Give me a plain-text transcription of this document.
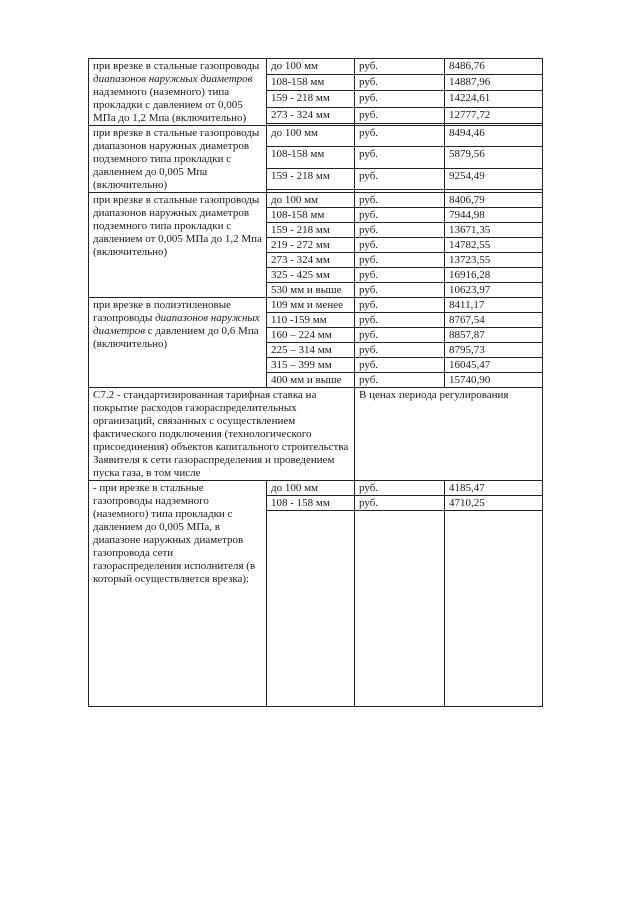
при врезке в стальные газопроводы диапазонов наружных диаметров надземного (наземного) типа прокладки с давлением от 0,005 МПа до 1,2 Мпа (включительно)	до 100 мм	руб.	8486,76
	108-158 мм	руб.	14887,96
	159 - 218 мм	руб.	14224,61
	273 - 324 мм	руб.	12777,72

при врезке в стальные газопроводы диапазонов наружных диаметров подземного типа прокладки с давленнем до 0,005 Мпа (включительно)	до 100 мм	руб.	8494,46
	108-158 мм	руб.	5879,56
	159 - 218 мм	руб.	9254,49

при врезке в стальные газопроводы диапазонов наружных диаметров подземного типа прокладки с давлением от 0,005 МПа до 1,2 Мпа (включительно)	до 100 мм	руб.	8406,79
	108-158 мм	руб.	7944,98
	159 - 218 мм	руб.	13671,35
	219 - 272 мм	руб.	14782,55
	273 - 324 мм	руб.	13723,55
	325 - 425 мм	руб.	16916,28
	530 мм и выше	руб.	10623,97
при врезке в полиэтиленовые газопроводы диапазонов наружных диаметров с давлением до 0,6 Мпа (включительно)	109 мм и менее	руб.	8411,17
	110 -159 мм	руб.	8767,54
	160 – 224 мм	руб.	8857,87
	225 – 314 мм	руб.	8795,73
	315 – 399 мм	руб.	16045,47
	400 мм и выше	руб.	15740,90
С7.2 - стандартизированная тарифная ставка на покрытие расходов газораспределительных организаций, связанных с осуществлением фактического подключения (технологического присоединения) объектов капитального строительства Заявителя к сети газораспределения и проведением пуска газа, в том числе		В ценах периода регулирования	
- при врезке в стальные газопроводы надземного (наземного) типа прокладки с давлением до 0,005 МПа, в диапазоне наружных диаметров газопровода сети газораспределения исполнителя (в который осуществляется врезка):	до 100 мм	руб.	4185,47
	108 - 158 мм	руб.	4710,25
